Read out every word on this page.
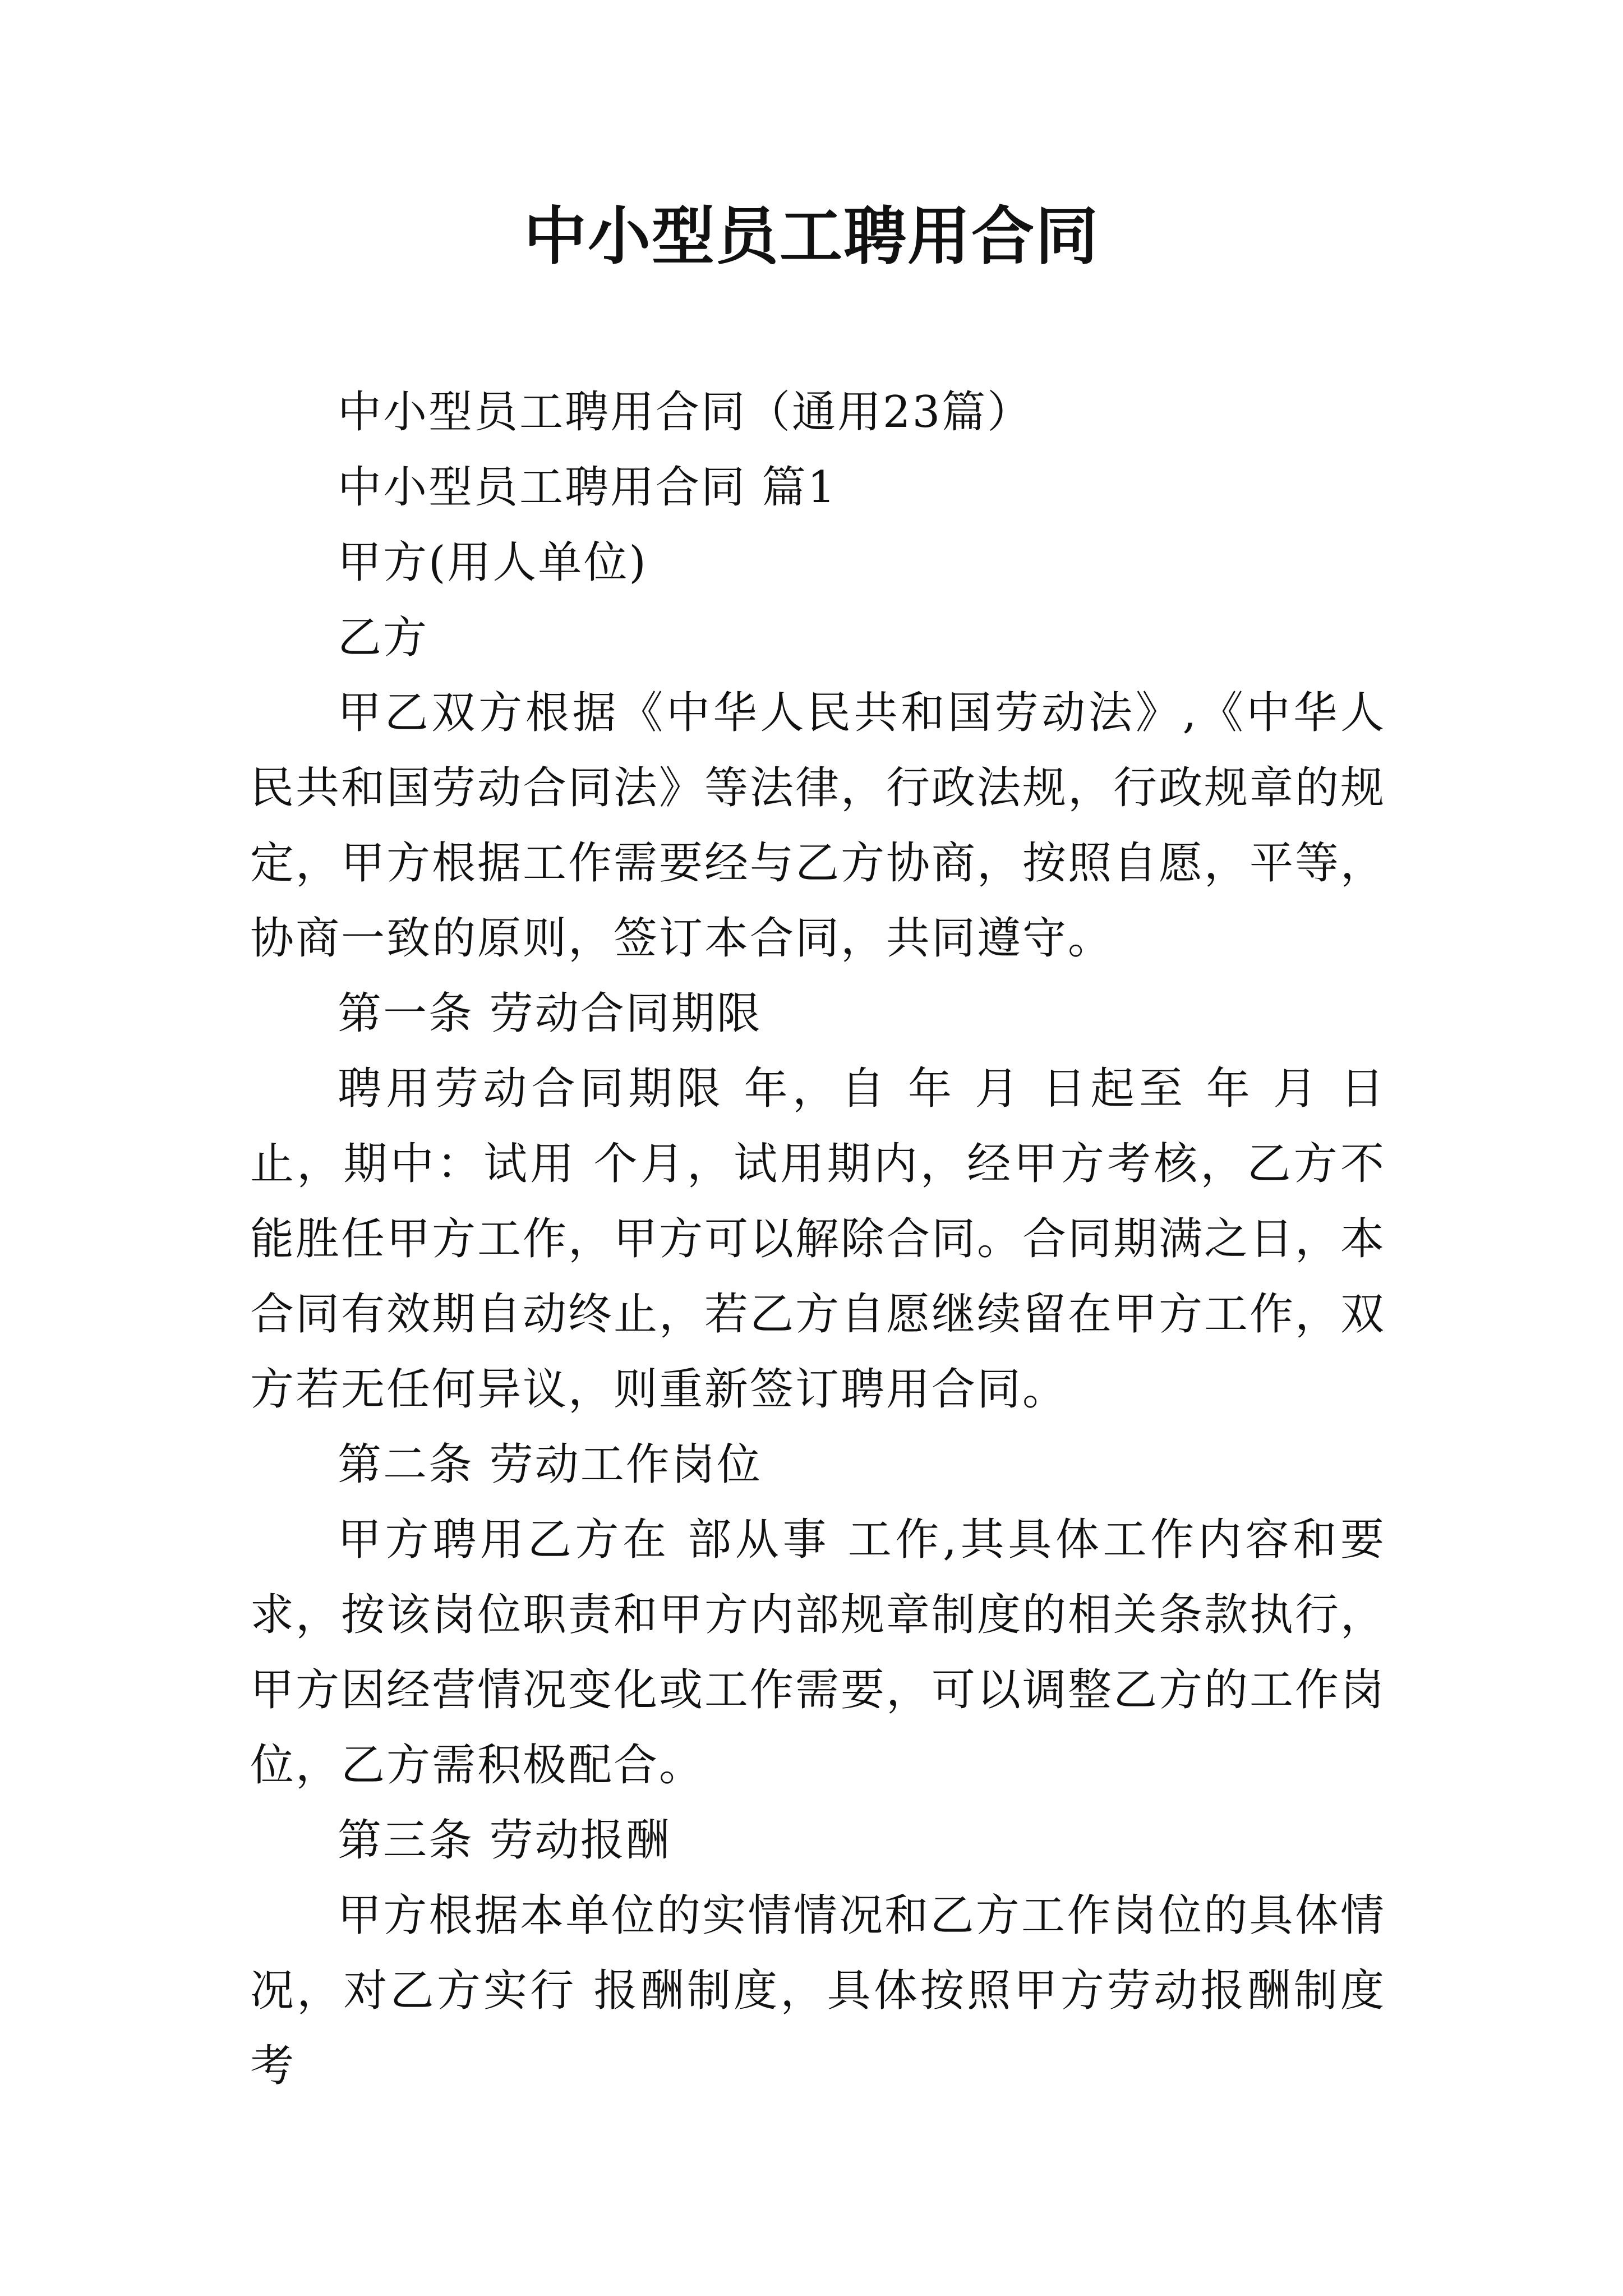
中小型员工聘用合同

中小型员工聘用合同（通用23篇）

中小型员工聘用合同 篇1

甲方(用人单位)

乙方

甲乙双方根据《中华人民共和国劳动法》,《中华人民共和国劳动合同法》等法律，行政法规，行政规章的规定，甲方根据工作需要经与乙方协商，按照自愿，平等，协商一致的原则，签订本合同，共同遵守。

第一条 劳动合同期限

聘用劳动合同期限 年，自 年 月 日起至 年 月 日止，期中：试用 个月，试用期内，经甲方考核，乙方不能胜任甲方工作，甲方可以解除合同。合同期满之日，本合同有效期自动终止，若乙方自愿继续留在甲方工作，双方若无任何异议，则重新签订聘用合同。

第二条 劳动工作岗位

甲方聘用乙方在 部从事 工作,其具体工作内容和要求，按该岗位职责和甲方内部规章制度的相关条款执行，甲方因经营情况变化或工作需要，可以调整乙方的工作岗位，乙方需积极配合。

第三条 劳动报酬

甲方根据本单位的实情情况和乙方工作岗位的具体情况，对乙方实行 报酬制度，具体按照甲方劳动报酬制度考
